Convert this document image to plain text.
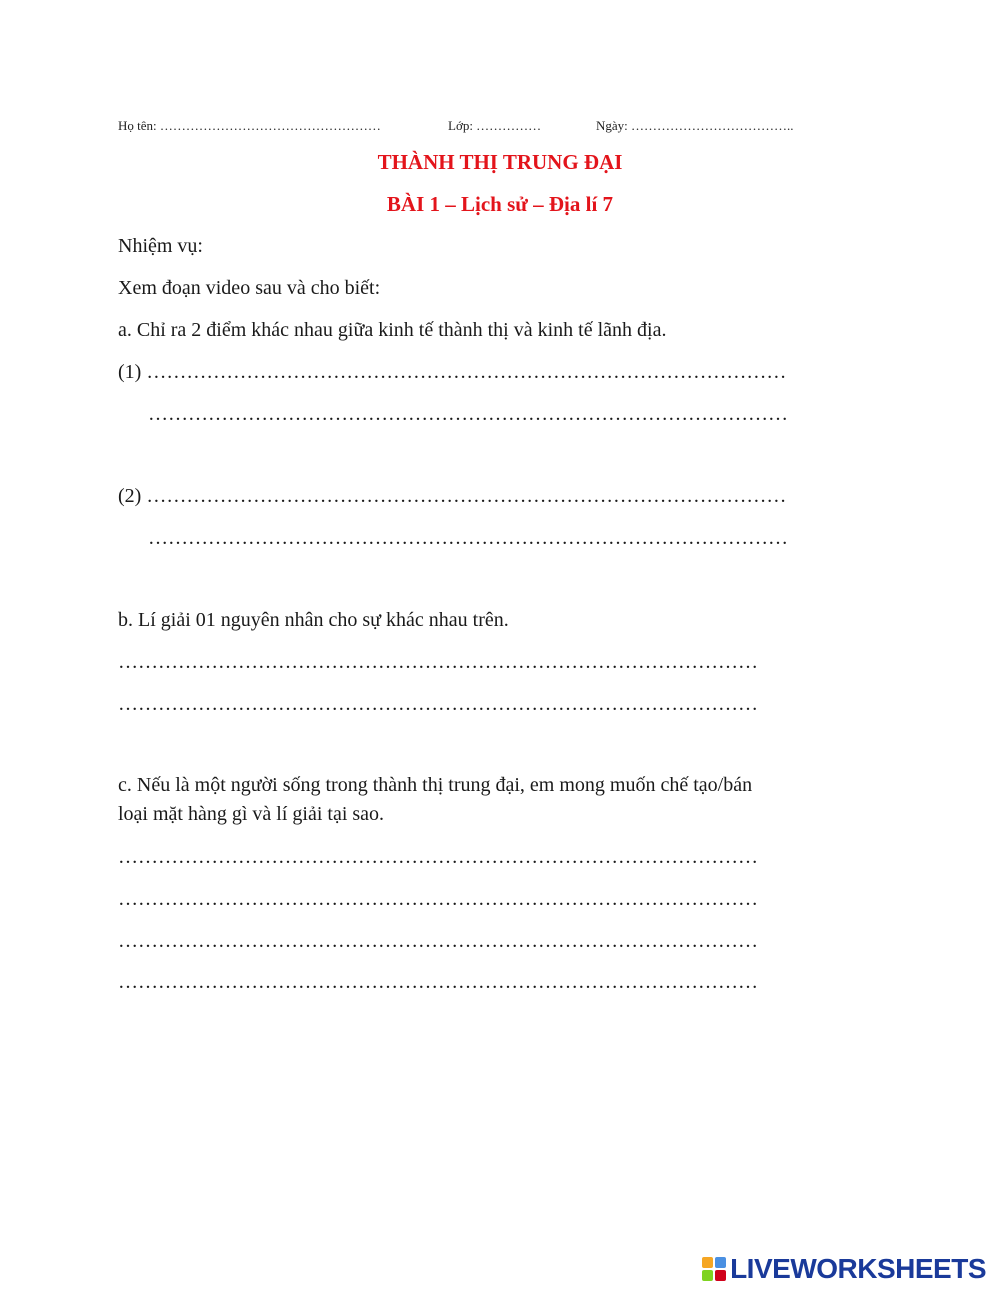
Họ tên: ……………………………………………	Lớp: ……………	Ngày: ………………………………..
THÀNH THỊ TRUNG ĐẠI
BÀI 1 – Lịch sử – Địa lí 7
Nhiệm vụ:
Xem đoạn video sau và cho biết:
a. Chỉ ra 2 điểm khác nhau giữa kinh tế thành thị và kinh tế lãnh địa.
(1) ……………………………………………………………………………………
……………………………………………………………………………………
(2) ……………………………………………………………………………………
……………………………………………………………………………………
b. Lí giải 01 nguyên nhân cho sự khác nhau trên.
……………………………………………………………………………………
……………………………………………………………………………………
c. Nếu là một người sống trong thành thị trung đại, em mong muốn chế tạo/bán
loại mặt hàng gì và lí giải tại sao.
……………………………………………………………………………………
……………………………………………………………………………………
……………………………………………………………………………………
……………………………………………………………………………………
LIVEWORKSHEETS
